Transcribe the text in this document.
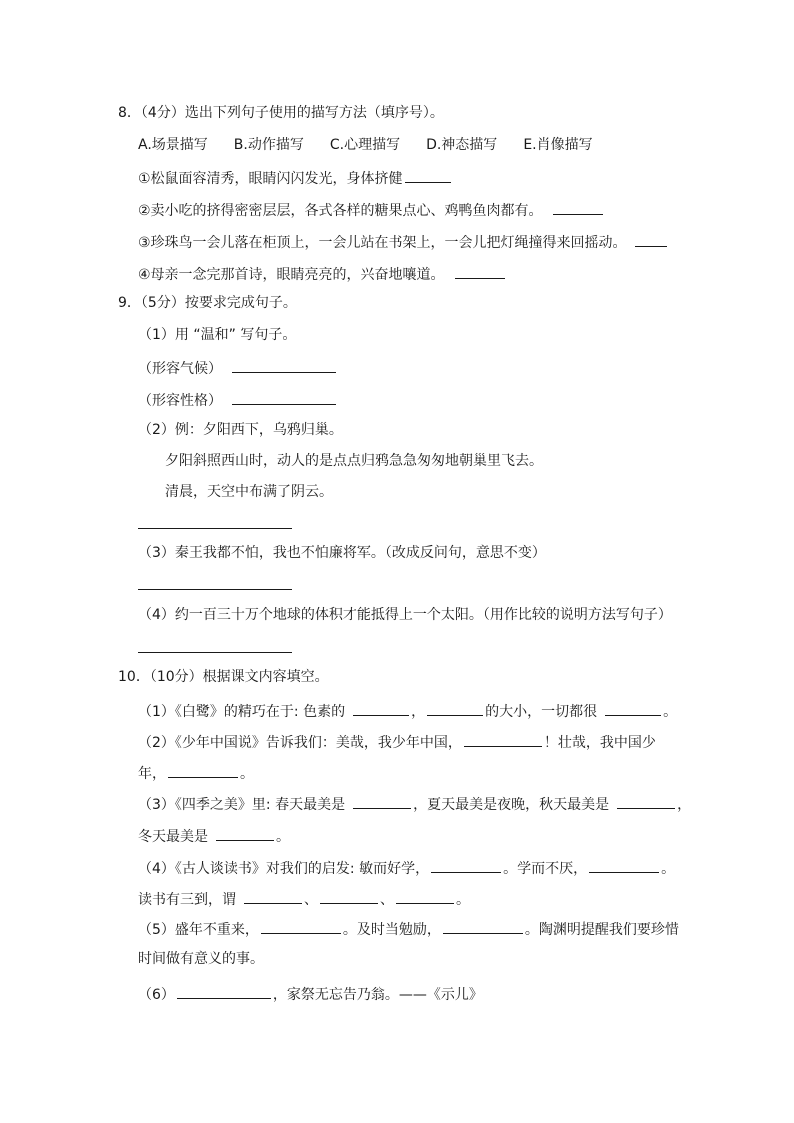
8．（4分）选出下列句子使用的描写方法（填序号）。
A.场景描写 B.动作描写 C.心理描写 D.神态描写 E.肖像描写
①松鼠面容清秀，眼睛闪闪发光，身体挤健
②卖小吃的挤得密密层层，各式各样的糖果点心、鸡鸭鱼肉都有。
③珍珠鸟一会儿落在柜顶上，一会儿站在书架上，一会儿把灯绳撞得来回摇动。
④母亲一念完那首诗，眼睛亮亮的，兴奋地嚷道。
9．（5分）按要求完成句子。
（1）用 “温和” 写句子。
（形容气候）
（形容性格）
（2）例：夕阳西下，乌鸦归巢。
夕阳斜照西山时，动人的是点点归鸦急急匆匆地朝巢里飞去。
清晨，天空中布满了阴云。
（3）秦王我都不怕，我也不怕廉将军。（改成反问句，意思不变）
（4）约一百三十万个地球的体积才能抵得上一个太阳。（用作比较的说明方法写句子）
10．（10分）根据课文内容填空。
（1）《白鹭》的精巧在于: 色素的	，	的大小，一切都很	。
（2）《少年中国说》告诉我们：美哉，我少年中国，	！壮哉，我中国少
年，	。
（3）《四季之美》里: 春天最美是	，夏天最美是夜晚，秋天最美是	，
冬天最美是	。
（4）《古人谈读书》对我们的启发: 敏而好学，	。学而不厌，	。
读书有三到，谓	、	、	。
（5）盛年不重来，	。及时当勉励，	。陶渊明提醒我们要珍惜
时间做有意义的事。
（6）	，家祭无忘告乃翁。——《示儿》
